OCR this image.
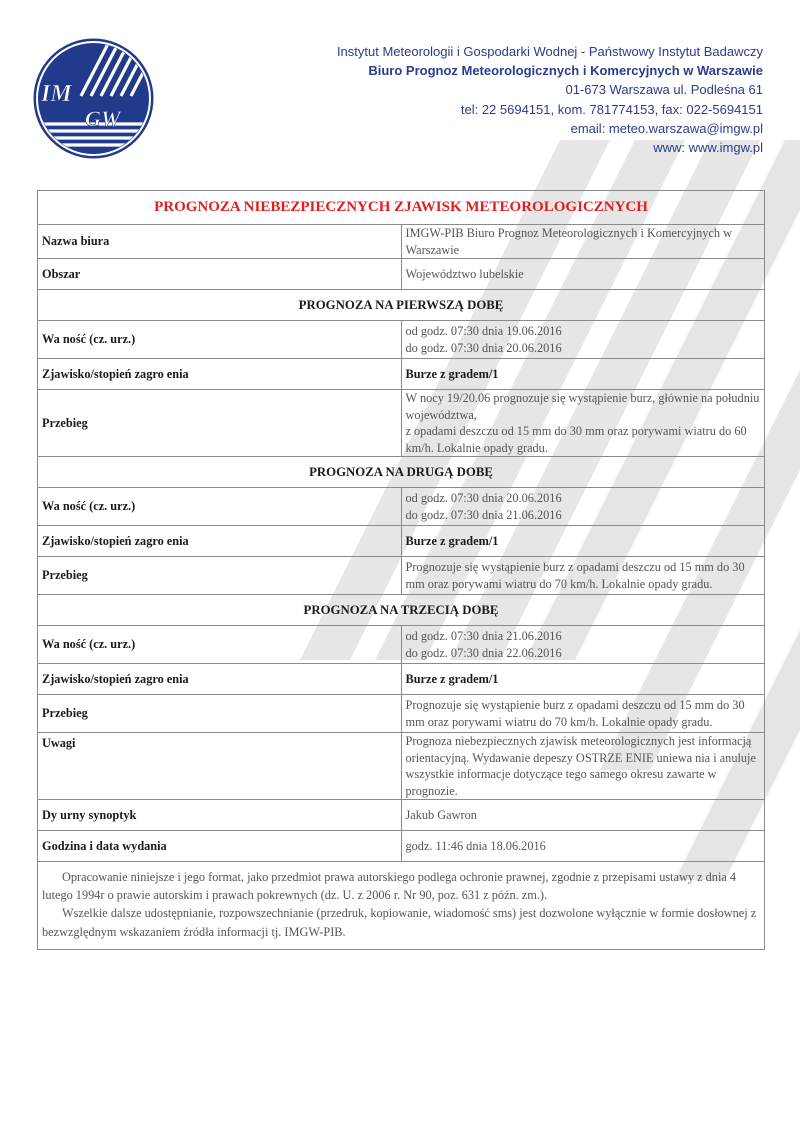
IM
GW
Instytut Meteorologii i Gospodarki Wodnej - Państwowy Instytut Badawczy
Biuro Prognoz Meteorologicznych i Komercyjnych w Warszawie
01-673 Warszawa ul. Podleśna 61
tel: 22 5694151, kom. 781774153, fax: 022-5694151
email: meteo.warszawa@imgw.pl
www: www.imgw.pl
PROGNOZA NIEBEZPIECZNYCH ZJAWISK METEOROLOGICZNYCH	
Nazwa biura	IMGW-PIB Biuro Prognoz Meteorologicznych i Komercyjnych w Warszawie
Obszar	Województwo lubelskie
PROGNOZA NA PIERWSZĄ DOBĘ	
Wa ność (cz. urz.)	od godz. 07:30 dnia 19.06.2016
do godz. 07:30 dnia 20.06.2016

Zjawisko/stopień zagro enia	Burze z gradem/1
Przebieg	W nocy 19/20.06 prognozuje się wystąpienie burz, głównie na południu województwa,
z opadami deszczu od 15 mm do 30 mm oraz porywami wiatru do 60 km/h. Lokalnie opady gradu.

PROGNOZA NA DRUGĄ DOBĘ	
Wa ność (cz. urz.)	od godz. 07:30 dnia 20.06.2016
do godz. 07:30 dnia 21.06.2016

Zjawisko/stopień zagro enia	Burze z gradem/1
Przebieg	Prognozuje się wystąpienie burz z opadami deszczu od 15 mm do 30 mm oraz porywami wiatru do 70 km/h. Lokalnie opady gradu.
PROGNOZA NA TRZECIĄ DOBĘ	
Wa ność (cz. urz.)	od godz. 07:30 dnia 21.06.2016
do godz. 07:30 dnia 22.06.2016

Zjawisko/stopień zagro enia	Burze z gradem/1
Przebieg	Prognozuje się wystąpienie burz z opadami deszczu od 15 mm do 30 mm oraz porywami wiatru do 70 km/h. Lokalnie opady gradu.
Uwagi	Prognoza niebezpiecznych zjawisk meteorologicznych jest informacją orientacyjną. Wydawanie depeszy OSTRZE ENIE uniewa nia i anuluje wszystkie informacje dotyczące tego samego okresu zawarte w prognozie.
Dy urny synoptyk	Jakub Gawron
Godzina i data wydania	godz. 11:46 dnia 18.06.2016

Opracowanie niniejsze i jego format, jako przedmiot prawa autorskiego podlega ochronie prawnej, zgodnie z przepisami ustawy z dnia 4 lutego 1994r o prawie autorskim i prawach pokrewnych (dz. U. z 2006 r. Nr 90, poz. 631 z późn. zm.).

Wszelkie dalsze udostępnianie, rozpowszechnianie (przedruk, kopiowanie, wiadomość sms) jest dozwolone wyłącznie w formie dosłownej z bezwzględnym wskazaniem źródła informacji tj. IMGW-PIB.	
